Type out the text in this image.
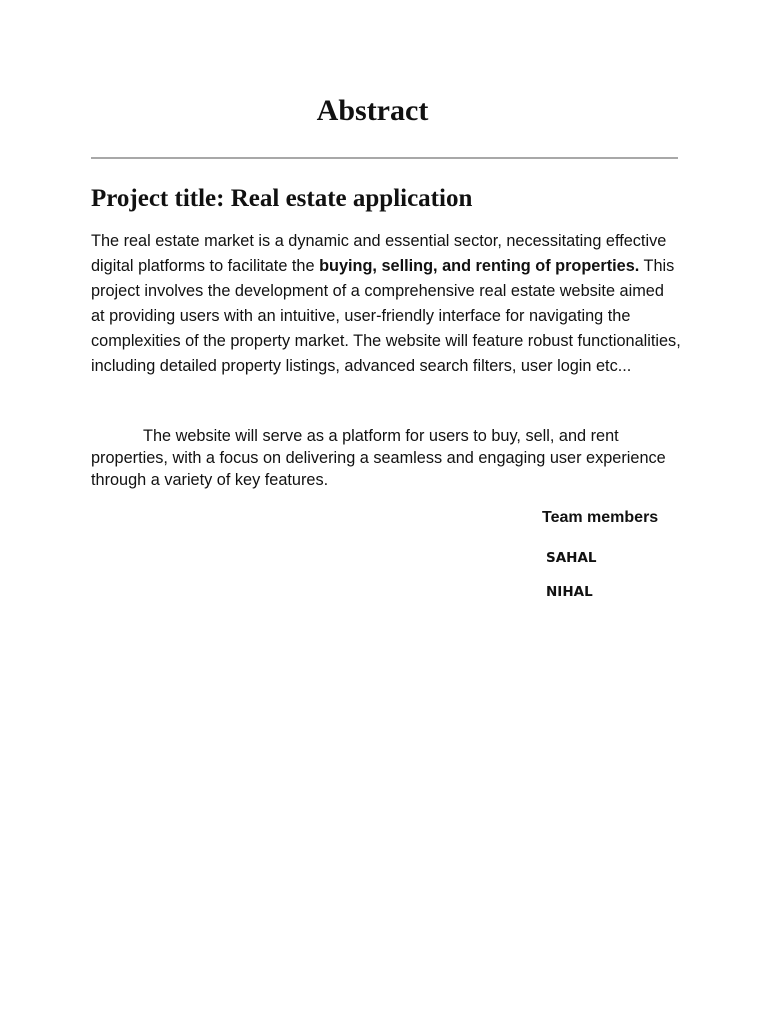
Abstract
Project title: Real estate application

The real estate market is a dynamic and essential sector, necessitating effective digital platforms to facilitate the buying, selling, and renting of properties. This project involves the development of a comprehensive real estate website aimed at providing users with an intuitive, user-friendly interface for navigating the complexities of the property market. The website will feature robust functionalities, including detailed property listings, advanced search filters, user login etc...

The website will serve as a platform for users to buy, sell, and rent properties, with a focus on delivering a seamless and engaging user experience through a variety of key features.

Team members

SAHAL

NIHAL
